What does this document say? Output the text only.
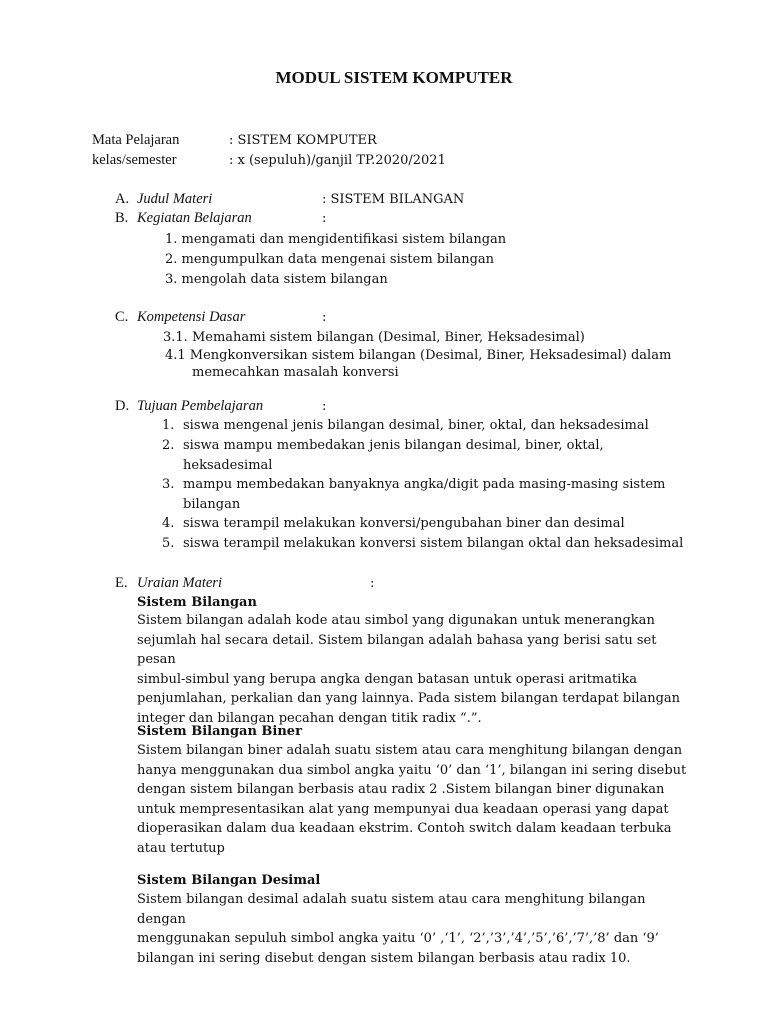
MODUL SISTEM KOMPUTER
Mata Pelajaran	: SISTEM KOMPUTER
kelas/semester	: x (sepuluh)/ganjil TP.2020/2021
A. Judul Materi	: SISTEM BILANGAN
B. Kegiatan Belajaran	:
1. mengamati dan mengidentifikasi sistem bilangan
2. mengumpulkan data mengenai sistem bilangan
3. mengolah data sistem bilangan
C. Kompetensi Dasar	:
3.1. Memahami sistem bilangan (Desimal, Biner, Heksadesimal)
4.1 Mengkonversikan sistem bilangan (Desimal, Biner, Heksadesimal) dalam
memecahkan masalah konversi
D. Tujuan Pembelajaran	:
1. siswa mengenal jenis bilangan desimal, biner, oktal, dan heksadesimal
2. siswa mampu membedakan jenis bilangan desimal, biner, oktal,
heksadesimal
3. mampu membedakan banyaknya angka/digit pada masing-masing sistem
bilangan
4. siswa terampil melakukan konversi/pengubahan biner dan desimal
5. siswa terampil melakukan konversi sistem bilangan oktal dan heksadesimal
E. Uraian Materi	:
Sistem Bilangan

Sistem bilangan adalah kode atau simbol yang digunakan untuk menerangkan

sejumlah hal secara detail. Sistem bilangan adalah bahasa yang berisi satu set pesan

simbul-simbul yang berupa angka dengan batasan untuk operasi aritmatika

penjumlahan, perkalian dan yang lainnya. Pada sistem bilangan terdapat bilangan

integer dan bilangan pecahan dengan titik radix “.”.

Sistem Bilangan Biner

Sistem bilangan biner adalah suatu sistem atau cara menghitung bilangan dengan

hanya menggunakan dua simbol angka yaitu ‘0’ dan ‘1’, bilangan ini sering disebut

dengan sistem bilangan berbasis atau radix 2 .Sistem bilangan biner digunakan

untuk mempresentasikan alat yang mempunyai dua keadaan operasi yang dapat

dioperasikan dalam dua keadaan ekstrim. Contoh switch dalam keadaan terbuka

atau tertutup

Sistem Bilangan Desimal

Sistem bilangan desimal adalah suatu sistem atau cara menghitung bilangan dengan

menggunakan sepuluh simbol angka yaitu ‘0’ ,‘1’, ‘2’,’3’,’4’,’5’,’6’,’7’,’8’ dan ‘9’

bilangan ini sering disebut dengan sistem bilangan berbasis atau radix 10.
